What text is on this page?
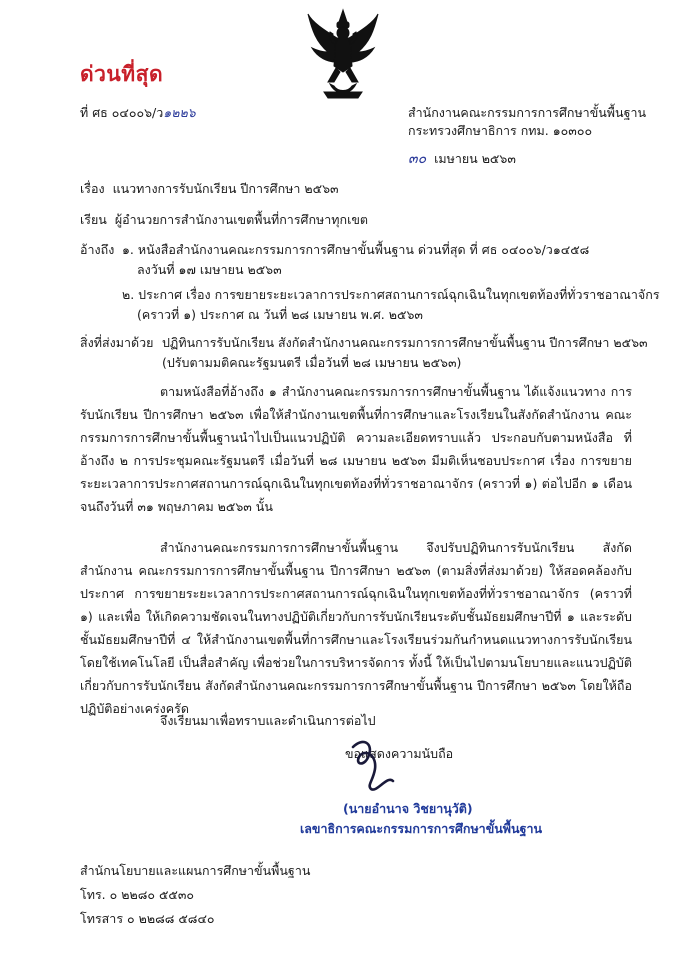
ด่วนที่สุด
ที่ ศธ ๐๔๐๐๖/ว๑๒๒๖	สำนักงานคณะกรรมการการศึกษาขั้นพื้นฐาน
กระทรวงศึกษาธิการ กทม. ๑๐๓๐๐
๓๐ เมษายน ๒๕๖๓
เรื่อง แนวทางการรับนักเรียน ปีการศึกษา ๒๕๖๓
เรียน ผู้อำนวยการสำนักงานเขตพื้นที่การศึกษาทุกเขต
อ้างถึง ๑. หนังสือสำนักงานคณะกรรมการการศึกษาขั้นพื้นฐาน ด่วนที่สุด ที่ ศธ ๐๔๐๐๖/ว๑๔๕๘
ลงวันที่ ๑๗ เมษายน ๒๕๖๓
๒. ประกาศ เรื่อง การขยายระยะเวลาการประกาศสถานการณ์ฉุกเฉินในทุกเขตท้องที่ทั่วราชอาณาจักร
(คราวที่ ๑) ประกาศ ณ วันที่ ๒๘ เมษายน พ.ศ. ๒๕๖๓
สิ่งที่ส่งมาด้วย ปฏิทินการรับนักเรียน สังกัดสำนักงานคณะกรรมการการศึกษาขั้นพื้นฐาน ปีการศึกษา ๒๕๖๓
(ปรับตามมติคณะรัฐมนตรี เมื่อวันที่ ๒๘ เมษายน ๒๕๖๓)
ตามหนังสือที่อ้างถึง ๑ สำนักงานคณะกรรมการการศึกษาขั้นพื้นฐาน ได้แจ้งแนวทาง การรับนักเรียน ปีการศึกษา ๒๕๖๓ เพื่อให้สำนักงานเขตพื้นที่การศึกษาและโรงเรียนในสังกัดสำนักงาน คณะกรรมการการศึกษาขั้นพื้นฐานนำไปเป็นแนวปฏิบัติ ความละเอียดทราบแล้ว ประกอบกับตามหนังสือ ที่อ้างถึง ๒ การประชุมคณะรัฐมนตรี เมื่อวันที่ ๒๘ เมษายน ๒๕๖๓ มีมติเห็นชอบประกาศ เรื่อง การขยาย ระยะเวลาการประกาศสถานการณ์ฉุกเฉินในทุกเขตท้องที่ทั่วราชอาณาจักร (คราวที่ ๑) ต่อไปอีก ๑ เดือน จนถึงวันที่ ๓๑ พฤษภาคม ๒๕๖๓ นั้น
สำนักงานคณะกรรมการการศึกษาขั้นพื้นฐาน จึงปรับปฏิทินการรับนักเรียน สังกัดสำนักงาน คณะกรรมการการศึกษาขั้นพื้นฐาน ปีการศึกษา ๒๕๖๓ (ตามสิ่งที่ส่งมาด้วย) ให้สอดคล้องกับประกาศ การขยายระยะเวลาการประกาศสถานการณ์ฉุกเฉินในทุกเขตท้องที่ทั่วราชอาณาจักร (คราวที่ ๑) และเพื่อ ให้เกิดความชัดเจนในทางปฏิบัติเกี่ยวกับการรับนักเรียนระดับชั้นมัธยมศึกษาปีที่ ๑ และระดับชั้นมัธยมศึกษาปีที่ ๔ ให้สำนักงานเขตพื้นที่การศึกษาและโรงเรียนร่วมกันกำหนดแนวทางการรับนักเรียนโดยใช้เทคโนโลยี เป็นสื่อสำคัญ เพื่อช่วยในการบริหารจัดการ ทั้งนี้ ให้เป็นไปตามนโยบายและแนวปฏิบัติเกี่ยวกับการรับนักเรียน สังกัดสำนักงานคณะกรรมการการศึกษาขั้นพื้นฐาน ปีการศึกษา ๒๕๖๓ โดยให้ถือปฏิบัติอย่างเคร่งครัด
จึงเรียนมาเพื่อทราบและดำเนินการต่อไป
ขอแสดงความนับถือ
(นายอำนาจ วิชยานุวัติ)
เลขาธิการคณะกรรมการการศึกษาขั้นพื้นฐาน
สำนักนโยบายและแผนการศึกษาขั้นพื้นฐาน
โทร. ๐ ๒๒๘๐ ๕๕๓๐
โทรสาร ๐ ๒๒๘๘ ๕๘๔๐
